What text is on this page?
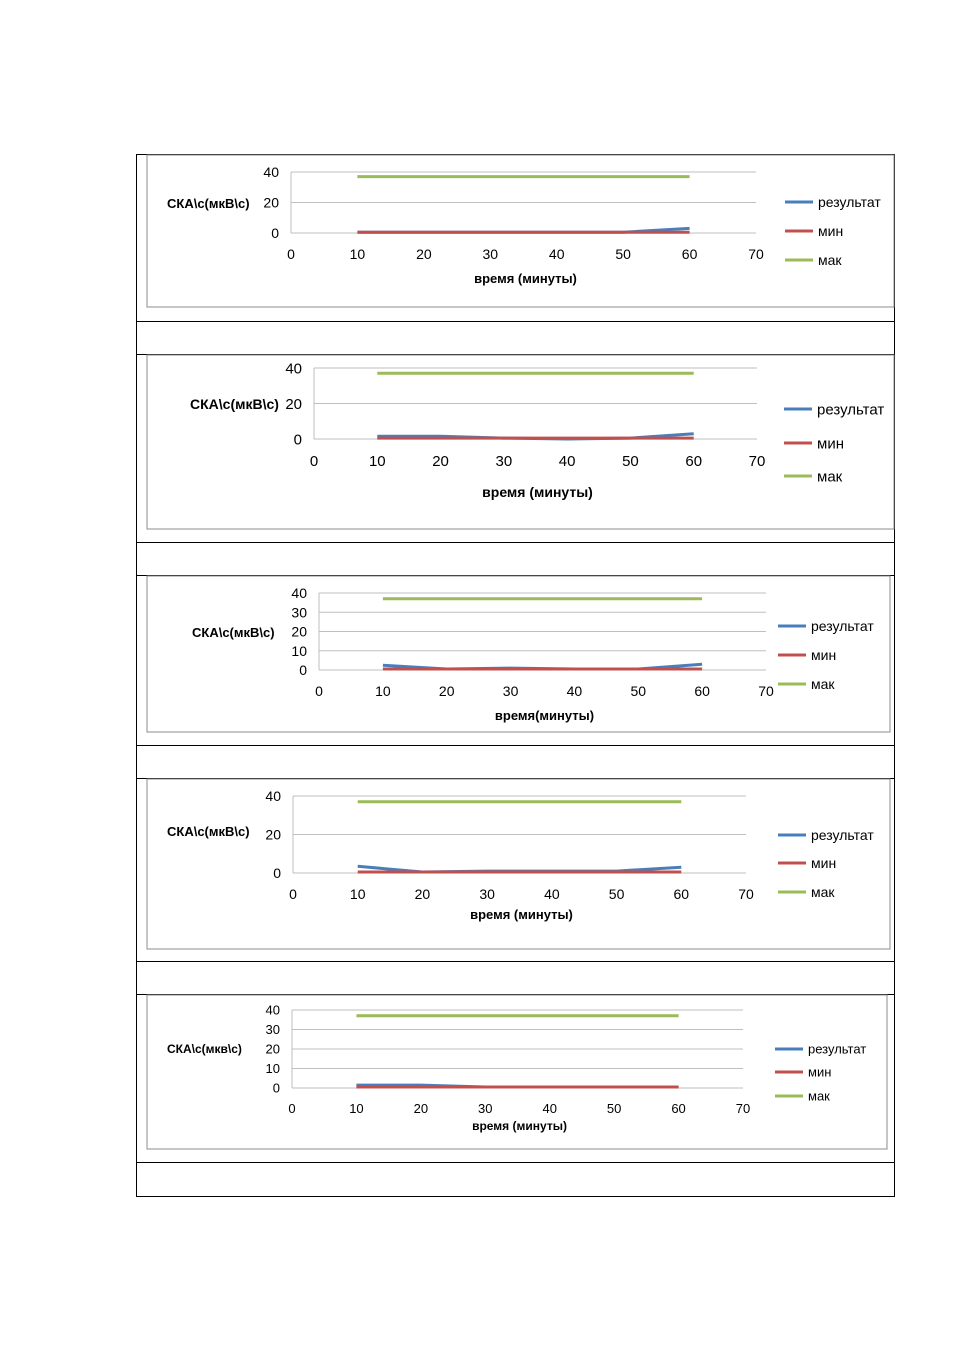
0
20
40
0	10	20	30	40	50	60	70
СКА\с(мкВ\с)
время (минуты)
результат
мин
мак
0
20
40
0	10	20	30	40	50	60	70
СКА\с(мкВ\с)
время (минуты)
результат
мин
мак
0
10
20
30
40
0	10	20	30	40	50	60	70
СКА\с(мкВ\с)
время(минуты)
результат
мин
мак
0
20
40
0	10	20	30	40	50	60	70
СКА\с(мкВ\с)
время (минуты)
результат
мин
мак
0
10
20
30
40
0	10	20	30	40	50	60	70
СКА\с(мкв\с)
время (минуты)
результат
мин
мак
